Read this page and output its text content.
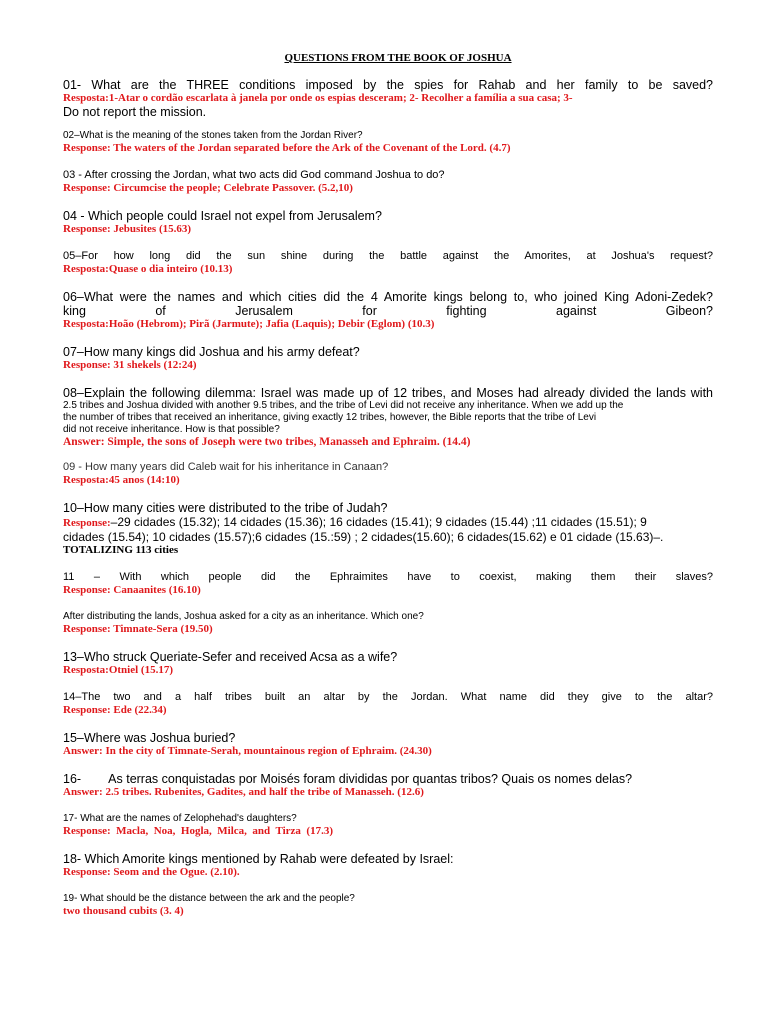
QUESTIONS FROM THE BOOK OF JOSHUA

01- What are the THREE conditions imposed by the spies for Rahab and her family to be saved?

Resposta:1-Atar o cordão escarlata à janela por onde os espias desceram; 2- Recolher a família a sua casa; 3-

Do not report the mission.

02–What is the meaning of the stones taken from the Jordan River?

Response: The waters of the Jordan separated before the Ark of the Covenant of the Lord. (4.7)

03 - After crossing the Jordan, what two acts did God command Joshua to do?

Response: Circumcise the people; Celebrate Passover. (5.2,10)

04 - Which people could Israel not expel from Jerusalem?

Response: Jebusites (15.63)

05–For how long did the sun shine during the battle against the Amorites, at Joshua's request?

Resposta:Quase o dia inteiro (10.13)

06–What were the names and which cities did the 4 Amorite kings belong to, who joined King Adoni-Zedek?

king of Jerusalem for fighting against Gibeon?

Resposta:Hoão (Hebrom); Pirã (Jarmute); Jafia (Laquis); Debir (Eglom) (10.3)

07–How many kings did Joshua and his army defeat?

Response: 31 shekels (12:24)

08–Explain the following dilemma: Israel was made up of 12 tribes, and Moses had already divided the lands with

2.5 tribes and Joshua divided with another 9.5 tribes, and the tribe of Levi did not receive any inheritance. When we add up the

the number of tribes that received an inheritance, giving exactly 12 tribes, however, the Bible reports that the tribe of Levi

did not receive inheritance. How is that possible?

Answer: Simple, the sons of Joseph were two tribes, Manasseh and Ephraim. (14.4)

09 - How many years did Caleb wait for his inheritance in Canaan?

Resposta:45 anos (14:10)

10–How many cities were distributed to the tribe of Judah?

Response:–29 cidades (15.32); 14 cidades (15.36); 16 cidades (15.41); 9 cidades (15.44) ;11 cidades (15.51); 9

cidades (15.54); 10 cidades (15.57);6 cidades (15.:59) ; 2 cidades(15.60); 6 cidades(15.62) e 01 cidade (15.63)–.

TOTALIZING 113 cities

11 – With which people did the Ephraimites have to coexist, making them their slaves?

Response: Canaanites (16.10)

After distributing the lands, Joshua asked for a city as an inheritance. Which one?

Response: Timnate-Sera (19.50)

13–Who struck Queriate-Sefer and received Acsa as a wife?

Resposta:Otniel (15.17)

14–The two and a half tribes built an altar by the Jordan. What name did they give to the altar?

Response: Ede (22.34)

15–Where was Joshua buried?

Answer: In the city of Timnate-Serah, mountainous region of Ephraim. (24.30)

16-        As terras conquistadas por Moisés foram divididas por quantas tribos? Quais os nomes delas?

Answer: 2.5 tribes. Rubenites, Gadites, and half the tribe of Manasseh. (12.6)

17- What are the names of Zelophehad's daughters?

Response:  Macla,  Noa,  Hogla,  Milca,  and  Tirza  (17.3)

18- Which Amorite kings mentioned by Rahab were defeated by Israel:

Response: Seom and the Ogue. (2.10).

19- What should be the distance between the ark and the people?

two thousand cubits (3. 4)
